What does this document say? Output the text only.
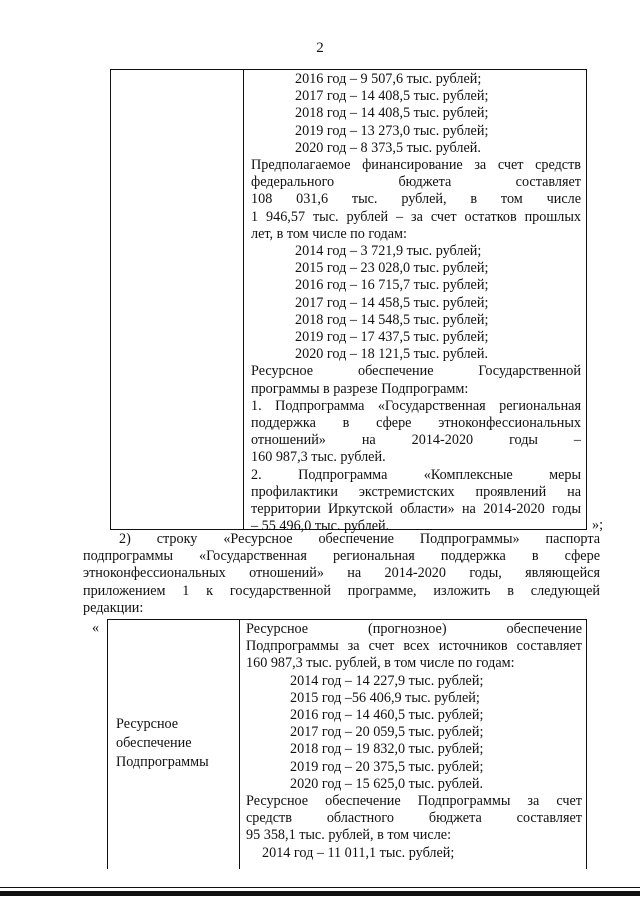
2
2016 год – 9 507,6 тыс. рублей;
2017 год – 14 408,5 тыс. рублей;
2018 год – 14 408,5 тыс. рублей;
2019 год – 13 273,0 тыс. рублей;
2020 год – 8 373,5 тыс. рублей.
Предполагаемое финансирование за счет средств
федерального бюджета составляет
108 031,6 тыс. рублей, в том числе
1 946,57 тыс. рублей – за счет остатков прошлых
лет, в том числе по годам:
2014 год – 3 721,9 тыс. рублей;
2015 год – 23 028,0 тыс. рублей;
2016 год – 16 715,7 тыс. рублей;
2017 год – 14 458,5 тыс. рублей;
2018 год – 14 548,5 тыс. рублей;
2019 год – 17 437,5 тыс. рублей;
2020 год – 18 121,5 тыс. рублей.
Ресурсное обеспечение Государственной
программы в разрезе Подпрограмм:
1. Подпрограмма «Государственная региональная
поддержка в сфере этноконфессиональных
отношений» на 2014-2020 годы –
160 987,3 тыс. рублей.
2. Подпрограмма «Комплексные меры
профилактики экстремистских проявлений на
территории Иркутской области» на 2014-2020 годы
– 55 496,0 тыс. рублей.	»;
2) строку «Ресурсное обеспечение Подпрограммы» паспорта
подпрограммы «Государственная региональная поддержка в сфере
этноконфессиональных отношений» на 2014-2020 годы, являющейся
приложением 1 к государственной программе, изложить в следующей
редакции:
«
Ресурсное
обеспечение
Подпрограммы
Ресурсное (прогнозное) обеспечение
Подпрограммы за счет всех источников составляет
160 987,3 тыс. рублей, в том числе по годам:
2014 год – 14 227,9 тыс. рублей;
2015 год –56 406,9 тыс. рублей;
2016 год – 14 460,5 тыс. рублей;
2017 год – 20 059,5 тыс. рублей;
2018 год – 19 832,0 тыс. рублей;
2019 год – 20 375,5 тыс. рублей;
2020 год – 15 625,0 тыс. рублей.
Ресурсное обеспечение Подпрограммы за счет
средств областного бюджета составляет
95 358,1 тыс. рублей, в том числе:
2014 год – 11 011,1 тыс. рублей;
